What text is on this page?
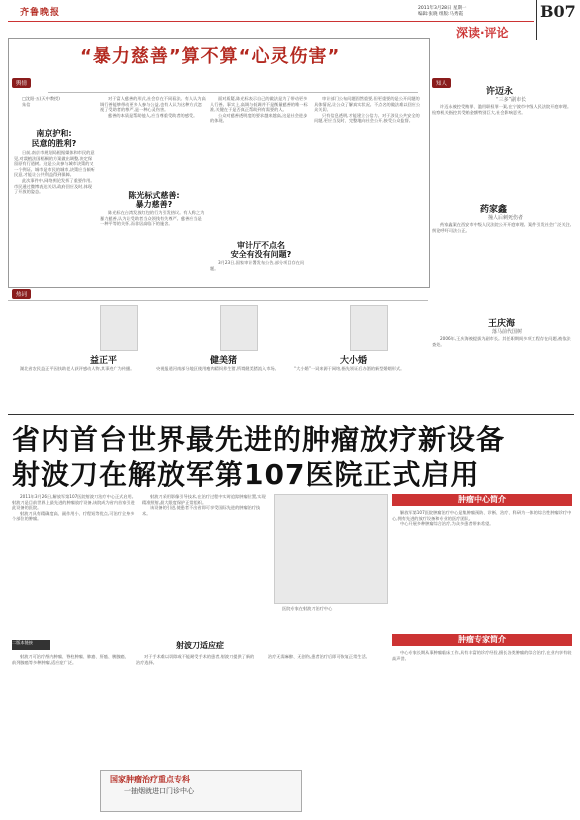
齐鲁晚报	2011年3月28日 星期一
编辑:张晓 组版:马秀霞	B07
深读·评论
舆情
“暴力慈善”算不算“心灵伤害”
南京护和:
民意的胜利?

□沈阳·五(天中教授)

朱信

日前,南京市规划局根据媒体和市民的意见,对栽植法国梧桐的方案做出调整,决定保留原有行道树。这是公众参与城市决策的又一个例证。城市是市民的城市,决策应当倾听民意,才能让公共利益得到保障。

此次事件中,网络舆论发挥了重要作用。市民通过微博表达关切,政府回应及时,体现了开放的姿态。

对于富人慈善的形式,社会存在不同看法。有人认为高调行善能够带动更多人参与公益,也有人认为这种方式忽视了受助者的尊严,是一种心灵伤害。

慈善的本质是帮助他人,应当尊重受助者的感受。

陈光标式慈善:
暴力慈善?

陈光标在台湾发放红包的行为引发热议。有人称之为暴力慈善,认为让受助者当众领钱有失尊严。慈善应当是一种平等的关怀,而非居高临下的施舍。

面对质疑,陈光标表示自己的做法是为了带动更多人行善。事实上,高调与低调并不是衡量慈善的唯一标准,关键在于是否真正帮助到有需要的人。

公众对慈善透明度的要求越来越高,这是社会进步的体现。

审计厅不点名
安全有没有问题?

3月23日,国家审计署发布公告,部分项目存在问题。

审计部门公布问题固然重要,但更重要的是公开问题的具体情况,让公众了解真实状况。不点名的做法难以回应公众关切。

只有信息透明,才能建立公信力。对于涉及公共安全的问题,更应当及时、完整地向社会公开,接受公众监督。

知人
许迈永
“三多”副市长

许迈永被控受贿罪、滥用职权罪一案,在宁波市中级人民法院开庭审理。检察机关指控其受贿金额特别巨大,社会影响恶劣。

药家鑫
撞人后刺死伤者

药家鑫案在西安市中级人民法院公开开庭审理。案件引发社会广泛关注,舆论呼吁司法公正。

王庆海
落马前代国树

2006年,王庆海被提拔为副市长。其任职期间多项工程存在问题,被依法查处。

热词
益正平	健美猪	大小婚

湖北省农民益正平因扶助老人获评感动人物,其事迹广为传播。	央视报道河南部分地区使用瘦肉精饲养生猪,所谓健美猪流入市场。	“大小婚”一词来源于网络,指先领证后办酒的新型婚姻形式。

省内首台世界最先进的肿瘤放疗新设备
射波刀在解放军第107医院正式启用

2011年3月26日,解放军第107医院射波刀治疗中心正式启用。射波刀是目前世界上最先进的肿瘤放疗设备,该院成为省内首家引进此设备的医院。

射波刀具有精确度高、副作用小、疗程短等优点,可治疗全身多个部位的肿瘤。

射波刀采用影像引导技术,在治疗过程中实时追踪肿瘤位置,实现精准照射,最大限度保护正常组织。

该设备的引进,使患者不出省即可享受国际先进的肿瘤治疗技术。

医院专家在射波刀治疗中心

肿瘤中心简介

解放军第107医院肿瘤治疗中心是集肿瘤预防、诊断、治疗、科研为一体的综合性肿瘤诊疗中心,拥有先进的放疗设备和专业的医疗团队。

中心开展多种肿瘤综合治疗,为众多患者带来希望。

肿瘤专家简介

中心专家长期从事肿瘤临床工作,具有丰富的诊疗经验,擅长各类肿瘤的综合治疗,在业内享有较高声誉。

二版本链接	射波刀适应症

射波刀可治疗颅内肿瘤、脊柱肿瘤、肺癌、肝癌、胰腺癌、前列腺癌等多种肿瘤,适应症广泛。

对于手术难以切除或不能耐受手术的患者,射波刀提供了新的治疗选择。

治疗无需麻醉、无创伤,患者治疗后即可恢复正常生活。

国家肿瘤治疗重点专科
一抽烟就进口门诊中心
